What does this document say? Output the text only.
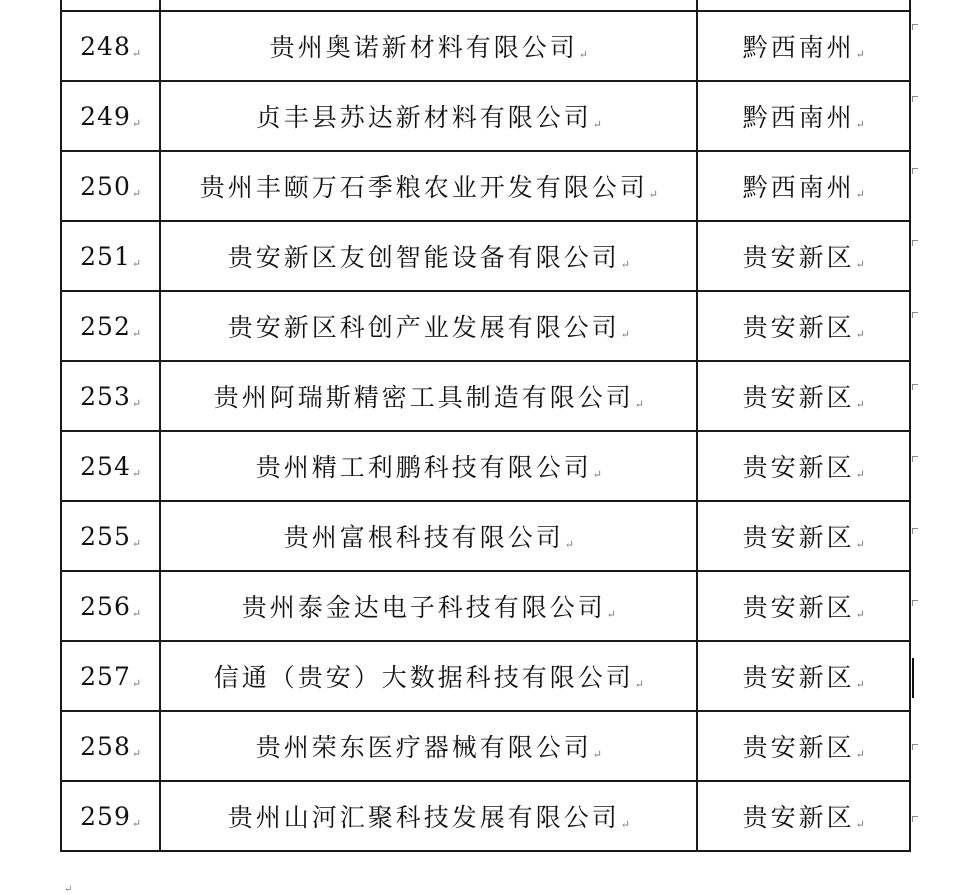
248↵	贵州奥诺新材料有限公司↵	黔西南州↵
249↵	贞丰县苏达新材料有限公司↵	黔西南州↵
250↵	贵州丰颐万石季粮农业开发有限公司↵	黔西南州↵
251↵	贵安新区友创智能设备有限公司↵	贵安新区↵
252↵	贵安新区科创产业发展有限公司↵	贵安新区↵
253↵	贵州阿瑞斯精密工具制造有限公司↵	贵安新区↵
254↵	贵州精工利鹏科技有限公司↵	贵安新区↵
255↵	贵州富根科技有限公司↵	贵安新区↵
256↵	贵州泰金达电子科技有限公司↵	贵安新区↵
257↵	信通（贵安）大数据科技有限公司↵	贵安新区↵
258↵	贵州荣东医疗器械有限公司↵	贵安新区↵
259↵	贵州山河汇聚科技发展有限公司↵	贵安新区↵
↵
